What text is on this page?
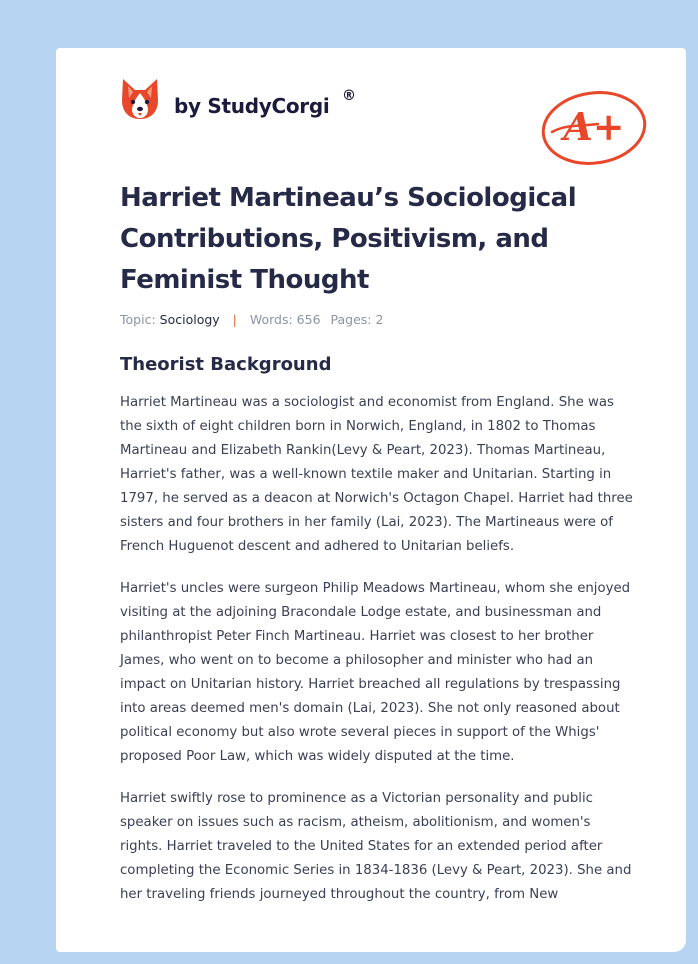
by StudyCorgi ®
A+
Harriet Martineau’s Sociological Contributions, Positivism, and Feminist Thought
Topic: Sociology | Words: 656 Pages: 2
Theorist Background

Harriet Martineau was a sociologist and economist from England. She was the sixth of eight children born in Norwich, England, in 1802 to Thomas Martineau and Elizabeth Rankin(Levy & Peart, 2023). Thomas Martineau, Harriet's father, was a well-known textile maker and Unitarian. Starting in 1797, he served as a deacon at Norwich's Octagon Chapel. Harriet had three sisters and four brothers in her family (Lai, 2023). The Martineaus were of French Huguenot descent and adhered to Unitarian beliefs.

Harriet's uncles were surgeon Philip Meadows Martineau, whom she enjoyed visiting at the adjoining Bracondale Lodge estate, and businessman and philanthropist Peter Finch Martineau. Harriet was closest to her brother James, who went on to become a philosopher and minister who had an impact on Unitarian history. Harriet breached all regulations by trespassing into areas deemed men's domain (Lai, 2023). She not only reasoned about political economy but also wrote several pieces in support of the Whigs' proposed Poor Law, which was widely disputed at the time.

Harriet swiftly rose to prominence as a Victorian personality and public speaker on issues such as racism, atheism, abolitionism, and women's rights. Harriet traveled to the United States for an extended period after completing the Economic Series in 1834-1836 (Levy & Peart, 2023). She and her traveling friends journeyed throughout the country, from New
